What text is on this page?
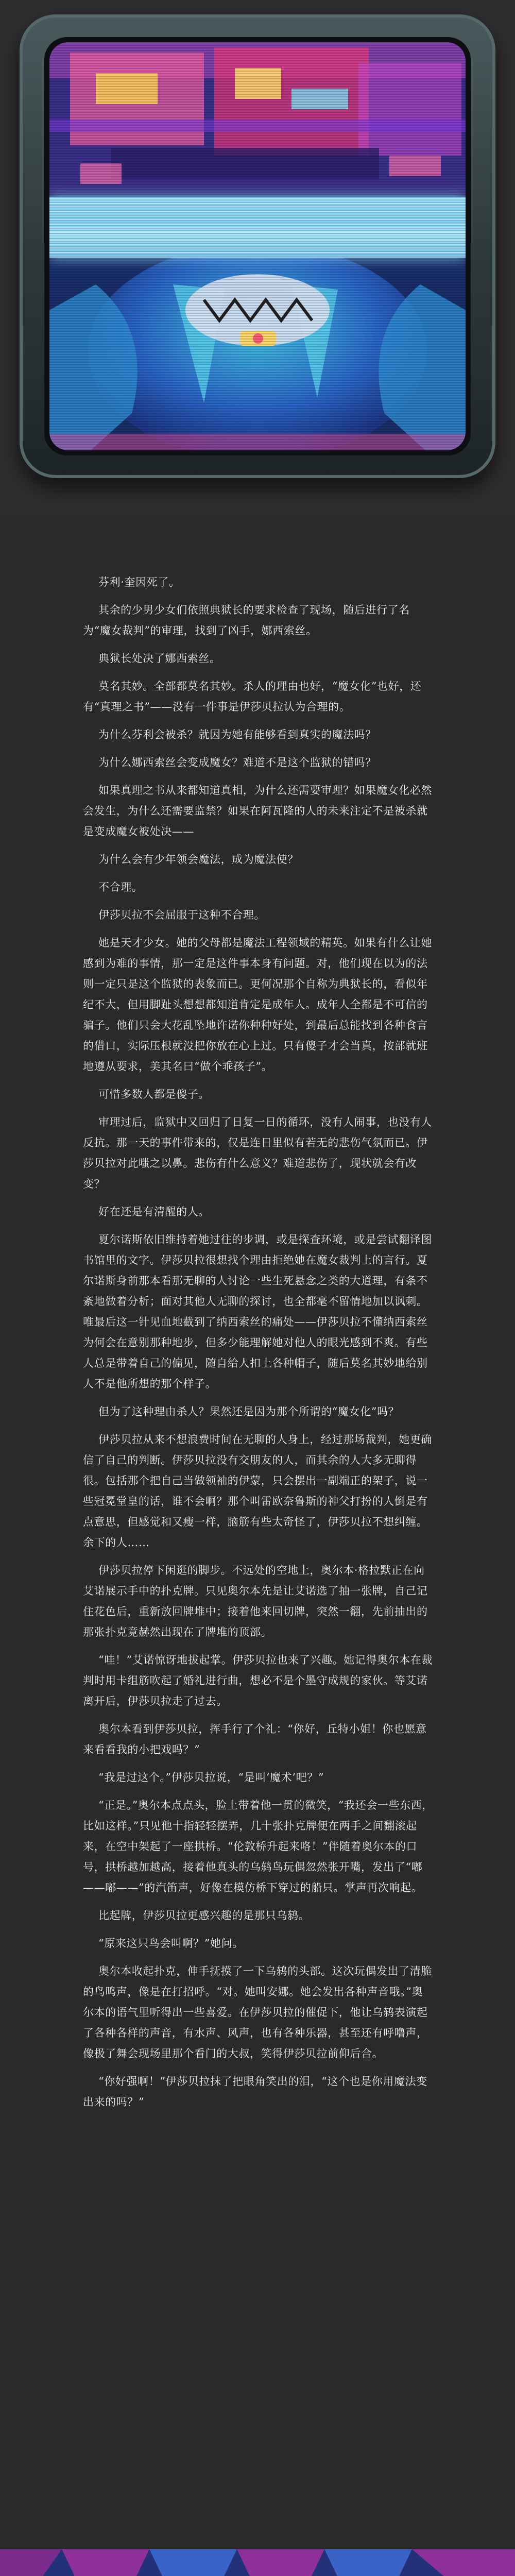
芬利·奎因死了。

其余的少男少女们依照典狱长的要求检查了现场，随后进行了名为“魔女裁判”的审理，找到了凶手，娜西索丝。

典狱长处决了娜西索丝。

莫名其妙。全部都莫名其妙。杀人的理由也好，“魔女化”也好，还有“真理之书”——没有一件事是伊莎贝拉认为合理的。

为什么芬利会被杀？就因为她有能够看到真实的魔法吗？

为什么娜西索丝会变成魔女？难道不是这个监狱的错吗？

如果真理之书从来都知道真相，为什么还需要审理？如果魔女化必然会发生，为什么还需要监禁？如果在阿瓦隆的人的未来注定不是被杀就是变成魔女被处决——

为什么会有少年领会魔法，成为魔法使？

不合理。

伊莎贝拉不会屈服于这种不合理。

她是天才少女。她的父母都是魔法工程领域的精英。如果有什么让她感到为难的事情，那一定是这件事本身有问题。对，他们现在以为的法则一定只是这个监狱的表象而已。更何况那个自称为典狱长的，看似年纪不大，但用脚趾头想想都知道肯定是成年人。成年人全都是不可信的骗子。他们只会大花乱坠地许诺你种种好处，到最后总能找到各种食言的借口，实际压根就没把你放在心上过。只有傻子才会当真，按部就班地遵从要求，美其名曰“做个乖孩子”。

可惜多数人都是傻子。

审理过后，监狱中又回归了日复一日的循环，没有人闹事，也没有人反抗。那一天的事件带来的，仅是连日里似有若无的悲伤气氛而已。伊莎贝拉对此嗤之以鼻。悲伤有什么意义？难道悲伤了，现状就会有改变？

好在还是有清醒的人。

夏尔诺斯依旧维持着她过往的步调，或是探查环境，或是尝试翻译图书馆里的文字。伊莎贝拉很想找个理由拒绝她在魔女裁判上的言行。夏尔诺斯身前那本看那无聊的人讨论一些生死悬念之类的大道理，有条不紊地做着分析；面对其他人无聊的探讨，也全都毫不留情地加以讽刺。唯最后这一针见血地截到了纳西索丝的痛处——伊莎贝拉不懂纳西索丝为何会在意别那种地步，但多少能理解她对他人的眼光感到不爽。有些人总是带着自己的偏见，随自给人扣上各种帽子，随后莫名其妙地给别人不是他所想的那个样子。

但为了这种理由杀人？果然还是因为那个所谓的“魔女化”吗？

伊莎贝拉从来不想浪费时间在无聊的人身上，经过那场裁判，她更确信了自己的判断。伊莎贝拉没有交朋友的人，而其余的人大多无聊得很。包括那个把自己当做领袖的伊蒙，只会摆出一副端正的架子，说一些冠冕堂皇的话，谁不会啊？那个叫雷欧奈鲁斯的神父打扮的人倒是有点意思，但感觉和又瘦一样，脑筋有些太奇怪了，伊莎贝拉不想纠缠。余下的人……

伊莎贝拉停下闲逛的脚步。不远处的空地上，奥尔本·格拉默正在向艾诺展示手中的扑克牌。只见奥尔本先是让艾诺选了抽一张牌，自己记住花色后，重新放回牌堆中；接着他来回切牌，突然一翻，先前抽出的那张扑克竟赫然出现在了牌堆的顶部。

“哇！”艾诺惊讶地拔起掌。伊莎贝拉也来了兴趣。她记得奥尔本在裁判时用卡组筋吹起了婚礼进行曲，想必不是个墨守成规的家伙。等艾诺离开后，伊莎贝拉走了过去。

奥尔本看到伊莎贝拉，挥手行了个礼：“你好，丘特小姐！你也愿意来看看我的小把戏吗？”

“我是过这个。”伊莎贝拉说，“是叫‘魔术’吧？”

“正是。”奥尔本点点头，脸上带着他一贯的微笑，“我还会一些东西，比如这样。”只见他十指轻轻摆弄，几十张扑克牌便在两手之间翻滚起来，在空中架起了一座拱桥。“伦敦桥升起来咯！”伴随着奥尔本的口号，拱桥越加越高，接着他真头的乌鸫鸟玩偶忽然张开嘴，发出了“嘟——嘟——”的汽笛声，好像在模仿桥下穿过的船只。掌声再次响起。

比起牌，伊莎贝拉更感兴趣的是那只乌鸫。

“原来这只鸟会叫啊？”她问。

奥尔本收起扑克，伸手抚摸了一下乌鸫的头部。这次玩偶发出了清脆的鸟鸣声，像是在打招呼。“对。她叫安娜。她会发出各种声音哦。”奥尔本的语气里听得出一些喜爱。在伊莎贝拉的催促下，他让乌鸫表演起了各种各样的声音，有水声、风声，也有各种乐器，甚至还有呼噜声，像极了舞会现场里那个看门的大叔，笑得伊莎贝拉前仰后合。

“你好强啊！”伊莎贝拉抹了把眼角笑出的泪，“这个也是你用魔法变出来的吗？”
